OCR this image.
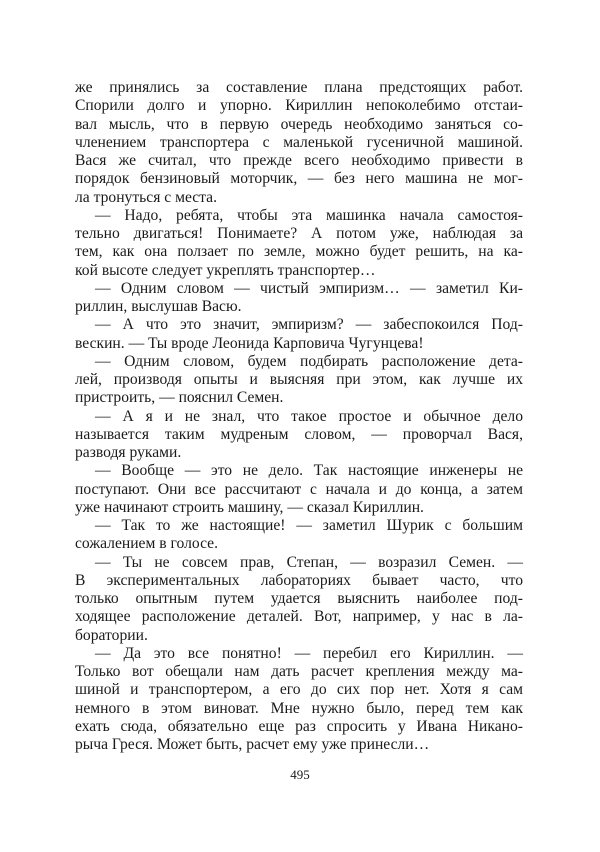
же принялись за составление плана предстоящих работ.
Спорили долго и упорно. Кириллин непоколебимо отстаи-
вал мысль, что в первую очередь необходимо заняться со-
членением транспортера с маленькой гусеничной машиной.
Вася же считал, что прежде всего необходимо привести в
порядок бензиновый моторчик, — без него машина не мог-
ла тронуться с места.
— Надо, ребята, чтобы эта машинка начала самостоя-
тельно двигаться! Понимаете? А потом уже, наблюдая за
тем, как она ползает по земле, можно будет решить, на ка-
кой высоте следует укреплять транспортер…
— Одним словом — чистый эмпиризм… — заметил Ки-
риллин, выслушав Васю.
— А что это значит, эмпиризм? — забеспокоился Под-
вескин. — Ты вроде Леонида Карповича Чугунцева!
— Одним словом, будем подбирать расположение дета-
лей, производя опыты и выясняя при этом, как лучше их
пристроить, — пояснил Семен.
— А я и не знал, что такое простое и обычное дело
называется таким мудреным словом, — проворчал Вася,
разводя руками.
— Вообще — это не дело. Так настоящие инженеры не
поступают. Они все рассчитают с начала и до конца, а затем
уже начинают строить машину, — сказал Кириллин.
— Так то же настоящие! — заметил Шурик с большим
сожалением в голосе.
— Ты не совсем прав, Степан, — возразил Семен. —
В экспериментальных лабораториях бывает часто, что
только опытным путем удается выяснить наиболее под-
ходящее расположение деталей. Вот, например, у нас в ла-
боратории.
— Да это все понятно! — перебил его Кириллин. —
Только вот обещали нам дать расчет крепления между ма-
шиной и транспортером, а его до сих пор нет. Хотя я сам
немного в этом виноват. Мне нужно было, перед тем как
ехать сюда, обязательно еще раз спросить у Ивана Никано-
рыча Греся. Может быть, расчет ему уже принесли…
495
